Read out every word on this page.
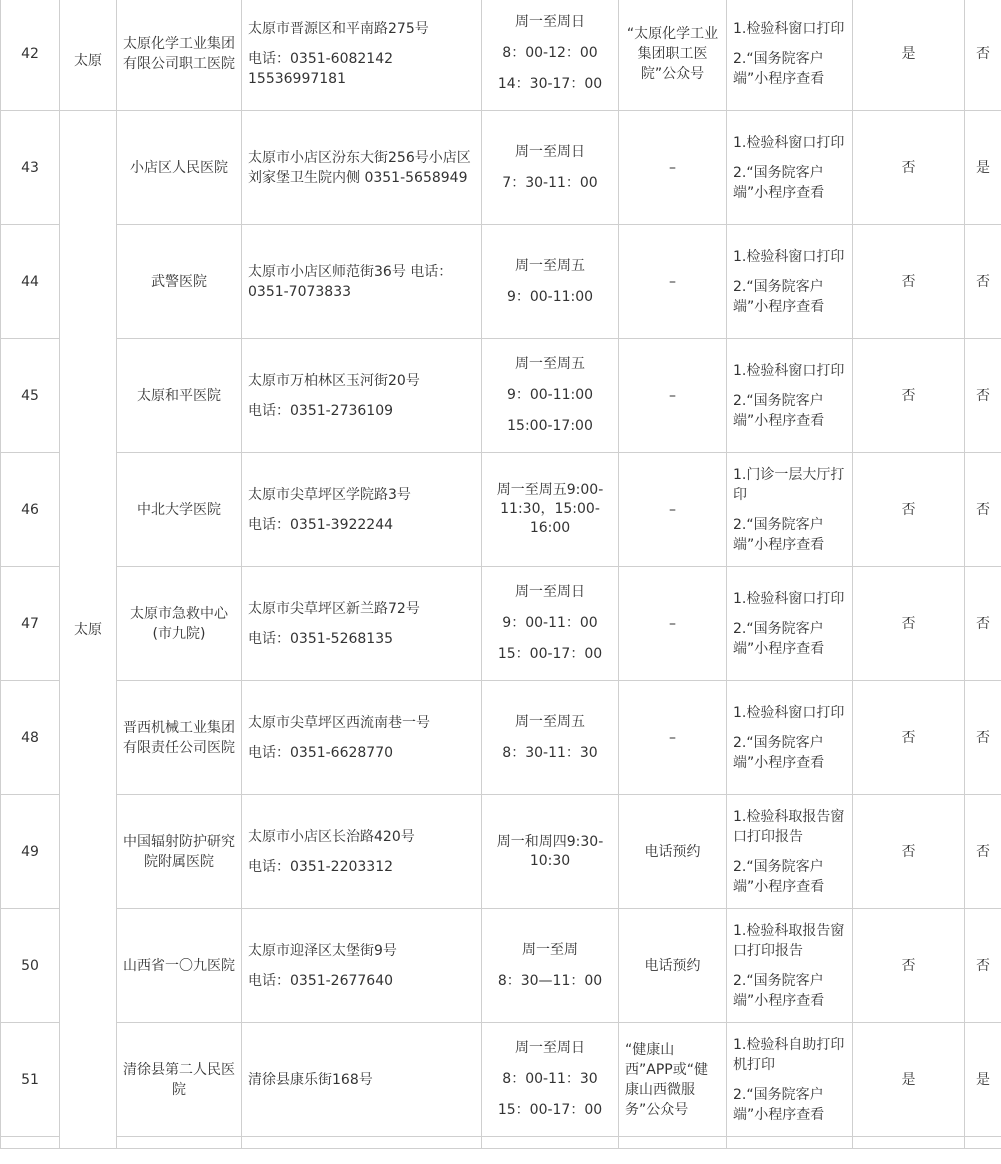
42	太原	太原化学工业集团有限公司职工医院	太原市晋源区和平南路275号
电话：0351-6082142　15536997181	周一至周日
8：00-12：00
14：30-17：00	“太原化学工业集团职工医院”公众号	1.检验科窗口打印
2.“国务院客户端”小程序查看	是	否
43	太原	小店区人民医院	太原市小店区汾东大街256号小店区刘家堡卫生院内侧 0351-5658949	周一至周日
7：30-11：00	–	1.检验科窗口打印
2.“国务院客户端”小程序查看	否	是
44		武警医院	太原市小店区师范街36号 电话：0351-7073833	周一至周五
9：00-11:00	–	1.检验科窗口打印
2.“国务院客户端”小程序查看	否	否
45		太原和平医院	太原市万柏林区玉河街20号
电话：0351-2736109	周一至周五
9：00-11:00
15:00-17:00	–	1.检验科窗口打印
2.“国务院客户端”小程序查看	否	否
46		中北大学医院	太原市尖草坪区学院路3号
电话：0351-3922244	周一至周五9:00-11:30，15:00-16:00	–	1.门诊一层大厅打印
2.“国务院客户端”小程序查看	否	否
47		太原市急救中心(市九院)	太原市尖草坪区新兰路72号
电话：0351-5268135	周一至周日
9：00-11：00
15：00-17：00	–	1.检验科窗口打印
2.“国务院客户端”小程序查看	否	否
48		晋西机械工业集团有限责任公司医院	太原市尖草坪区西流南巷一号
电话：0351-6628770	周一至周五
8：30-11：30	–	1.检验科窗口打印
2.“国务院客户端”小程序查看	否	否
49		中国辐射防护研究院附属医院	太原市小店区长治路420号
电话：0351-2203312	周一和周四9:30-10:30	电话预约	1.检验科取报告窗口打印报告
2.“国务院客户端”小程序查看	否	否
50		山西省一〇九医院	太原市迎泽区太堡街9号
电话：0351-2677640	周一至周
8：30—11：00	电话预约	1.检验科取报告窗口打印报告
2.“国务院客户端”小程序查看	否	否
51		清徐县第二人民医院	清徐县康乐街168号	周一至周日
8：00-11：30
15：00-17：00	“健康山西”APP或“健康山西微服务”公众号	1.检验科自助打印机打印
2.“国务院客户端”小程序查看	是	是
